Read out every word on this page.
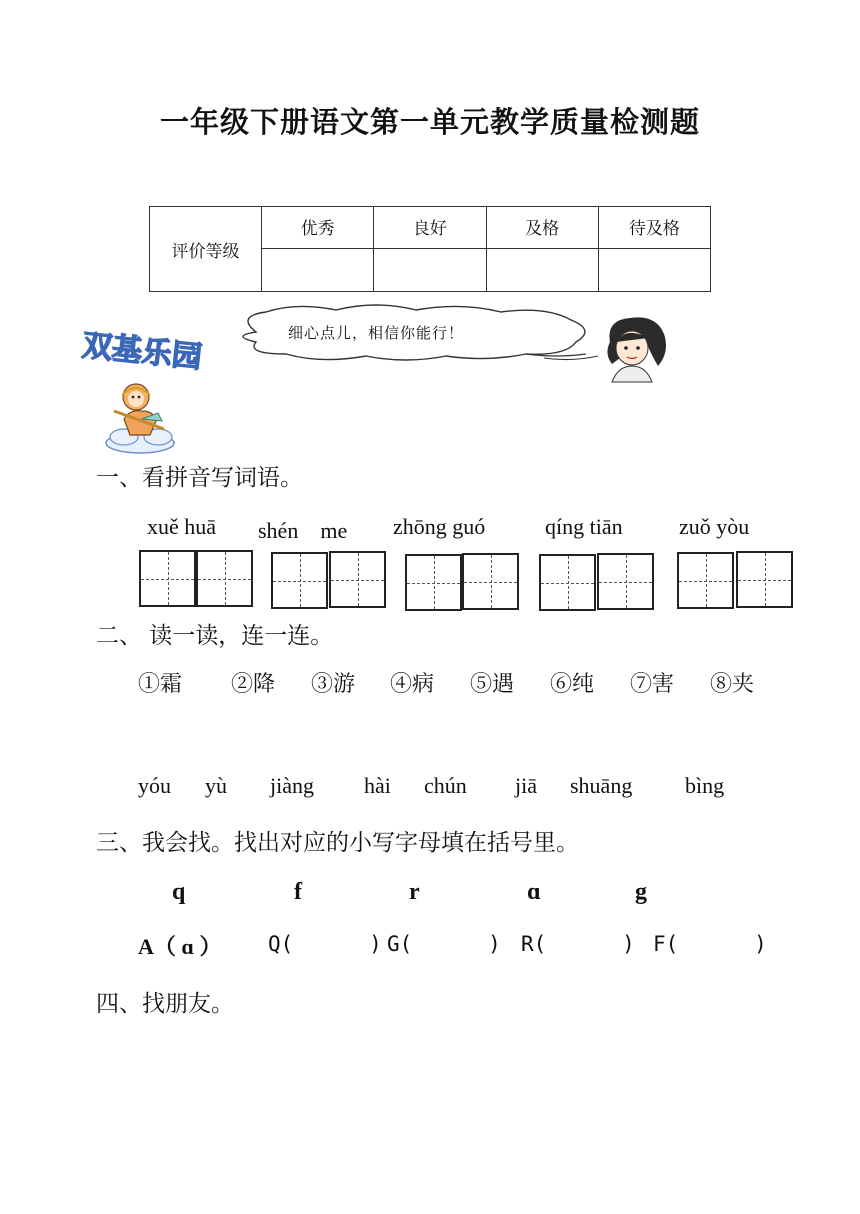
一年级下册语文第一单元教学质量检测题
评价等级	优秀	良好	及格	待及格

双基乐园	细心点儿，相信你能行！
一、看拼音写词语。
xuě huā shén　me zhōng guó	qíng tiān	zuǒ yòu
二、 读一读，连一连。
①霜 ②降 ③游 ④病 ⑤遇 ⑥纯 ⑦害 ⑧夹
yóu yù jiàng hài chún jiā shuāng bìng
三、我会找。找出对应的小写字母填在括号里。
q	f	r	ɑ	g
A（ ɑ ） Q(      ) G(      ) R(      ) F(      )
四、找朋友。
